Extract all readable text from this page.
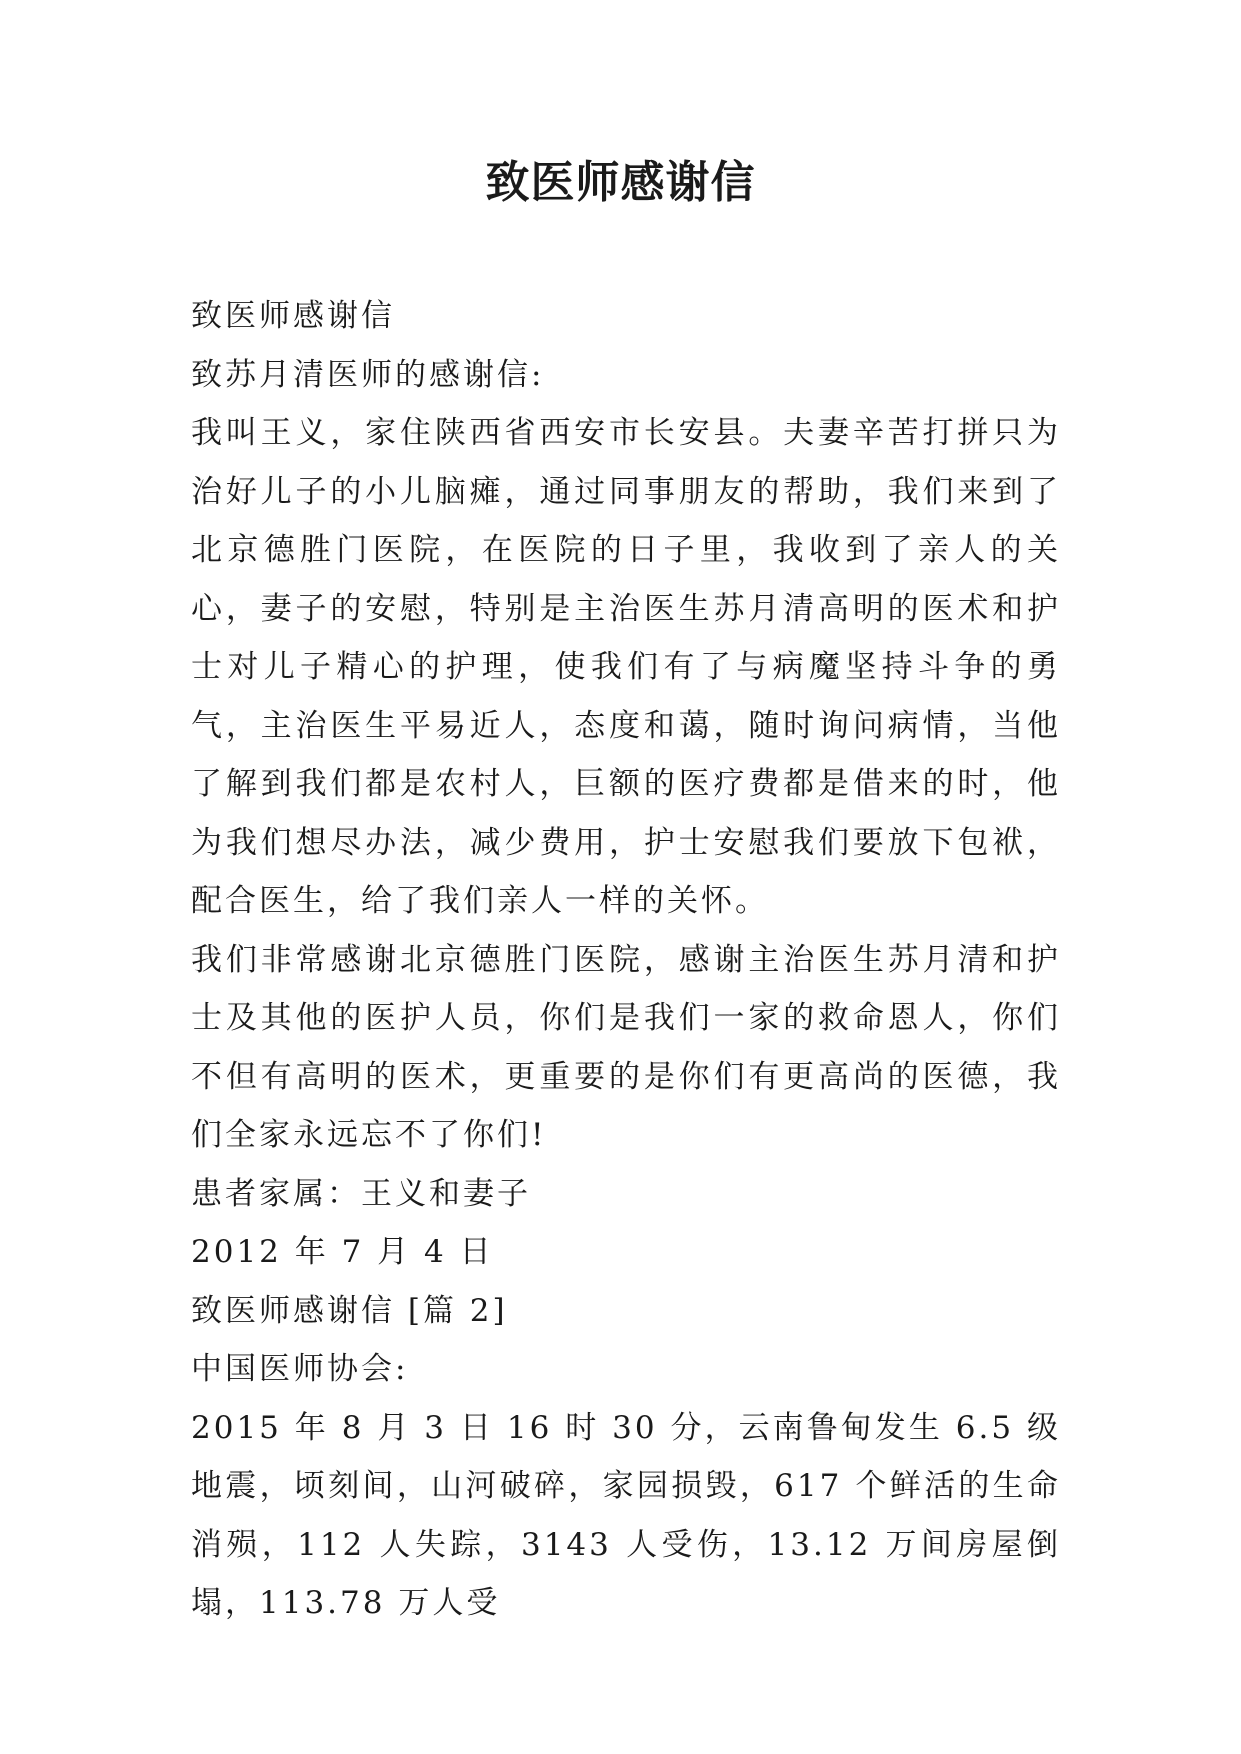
致医师感谢信

致医师感谢信

致苏月清医师的感谢信:

我叫王义，家住陕西省西安市长安县。夫妻辛苦打拼只为治好儿子的小儿脑瘫，通过同事朋友的帮助，我们来到了北京德胜门医院，在医院的日子里，我收到了亲人的关心，妻子的安慰，特别是主治医生苏月清高明的医术和护士对儿子精心的护理，使我们有了与病魔坚持斗争的勇气，主治医生平易近人，态度和蔼，随时询问病情，当他了解到我们都是农村人，巨额的医疗费都是借来的时，他为我们想尽办法，减少费用，护士安慰我们要放下包袱，配合医生，给了我们亲人一样的关怀。

我们非常感谢北京德胜门医院，感谢主治医生苏月清和护士及其他的医护人员，你们是我们一家的救命恩人，你们不但有高明的医术，更重要的是你们有更高尚的医德，我们全家永远忘不了你们!

患者家属：王义和妻子

2012 年 7 月 4 日

致医师感谢信 [篇 2]

中国医师协会:

2015 年 8 月 3 日 16 时 30 分，云南鲁甸发生 6.5 级地震，顷刻间，山河破碎，家园损毁，617 个鲜活的生命消殒，112 人失踪，3143 人受伤，13.12 万间房屋倒塌，113.78 万人受
